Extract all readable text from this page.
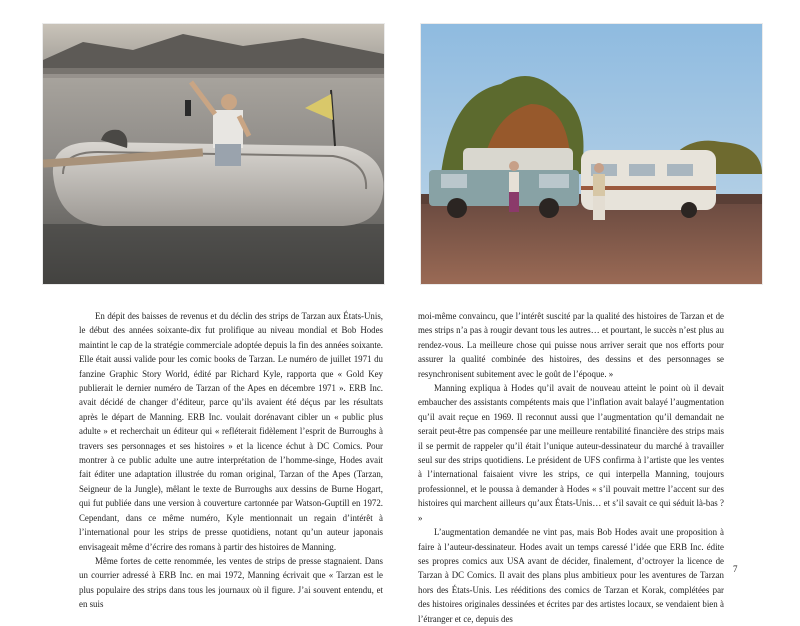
En dépit des baisses de revenus et du déclin des strips de Tarzan aux États-Unis, le début des années soixante-dix fut prolifique au niveau mondial et Bob Hodes maintint le cap de la stratégie commerciale adoptée depuis la fin des années soixante. Elle était aussi valide pour les comic books de Tarzan. Le numéro de juillet 1971 du fanzine Graphic Story World, édité par Richard Kyle, rapporta que « Gold Key publierait le dernier numéro de Tarzan of the Apes en décembre 1971 ». ERB Inc. avait décidé de changer d’éditeur, parce qu’ils avaient été déçus par les résultats après le départ de Manning. ERB Inc. voulait dorénavant cibler un « public plus adulte » et recherchait un éditeur qui « refléterait fidèlement l’esprit de Burroughs à travers ses personnages et ses histoires » et la licence échut à DC Comics. Pour montrer à ce public adulte une autre interprétation de l’homme-singe, Hodes avait fait éditer une adaptation illustrée du roman original, Tarzan of the Apes (Tarzan, Seigneur de la Jungle), mêlant le texte de Burroughs aux dessins de Burne Hogart, qui fut publiée dans une version à couverture cartonnée par Watson-Guptill en 1972. Cependant, dans ce même numéro, Kyle mentionnait un regain d’intérêt à l’international pour les strips de presse quotidiens, notant qu’un auteur japonais envisageait même d’écrire des romans à partir des histoires de Manning.

Même fortes de cette renommée, les ventes de strips de presse stagnaient. Dans un courrier adressé à ERB Inc. en mai 1972, Manning écrivait que « Tarzan est le plus populaire des strips dans tous les journaux où il figure. J’ai souvent entendu, et en suis

moi-même convaincu, que l’intérêt suscité par la qualité des histoires de Tarzan et de mes strips n’a pas à rougir devant tous les autres… et pourtant, le succès n’est plus au rendez-vous. La meilleure chose qui puisse nous arriver serait que nos efforts pour assurer la qualité combinée des histoires, des dessins et des personnages se resynchronisent subitement avec le goût de l’époque. »

Manning expliqua à Hodes qu’il avait de nouveau atteint le point où il devait embaucher des assistants compétents mais que l’inflation avait balayé l’augmentation qu’il avait reçue en 1969. Il reconnut aussi que l’augmentation qu’il demandait ne serait peut-être pas compensée par une meilleure rentabilité financière des strips mais il se permit de rappeler qu’il était l’unique auteur-dessinateur du marché à travailler seul sur des strips quotidiens. Le président de UFS confirma à l’artiste que les ventes à l’international faisaient vivre les strips, ce qui interpella Manning, toujours professionnel, et le poussa à demander à Hodes « s’il pouvait mettre l’accent sur des histoires qui marchent ailleurs qu’aux États-Unis… et s’il savait ce qui séduit là-bas ? »

L’augmentation demandée ne vint pas, mais Bob Hodes avait une proposition à faire à l’auteur-dessinateur. Hodes avait un temps caressé l’idée que ERB Inc. édite ses propres comics aux USA avant de décider, finalement, d’octroyer la licence de Tarzan à DC Comics. Il avait des plans plus ambitieux pour les aventures de Tarzan hors des États-Unis. Les rééditions des comics de Tarzan et Korak, complétées par des histoires originales dessinées et écrites par des artistes locaux, se vendaient bien à l’étranger et ce, depuis des

7
